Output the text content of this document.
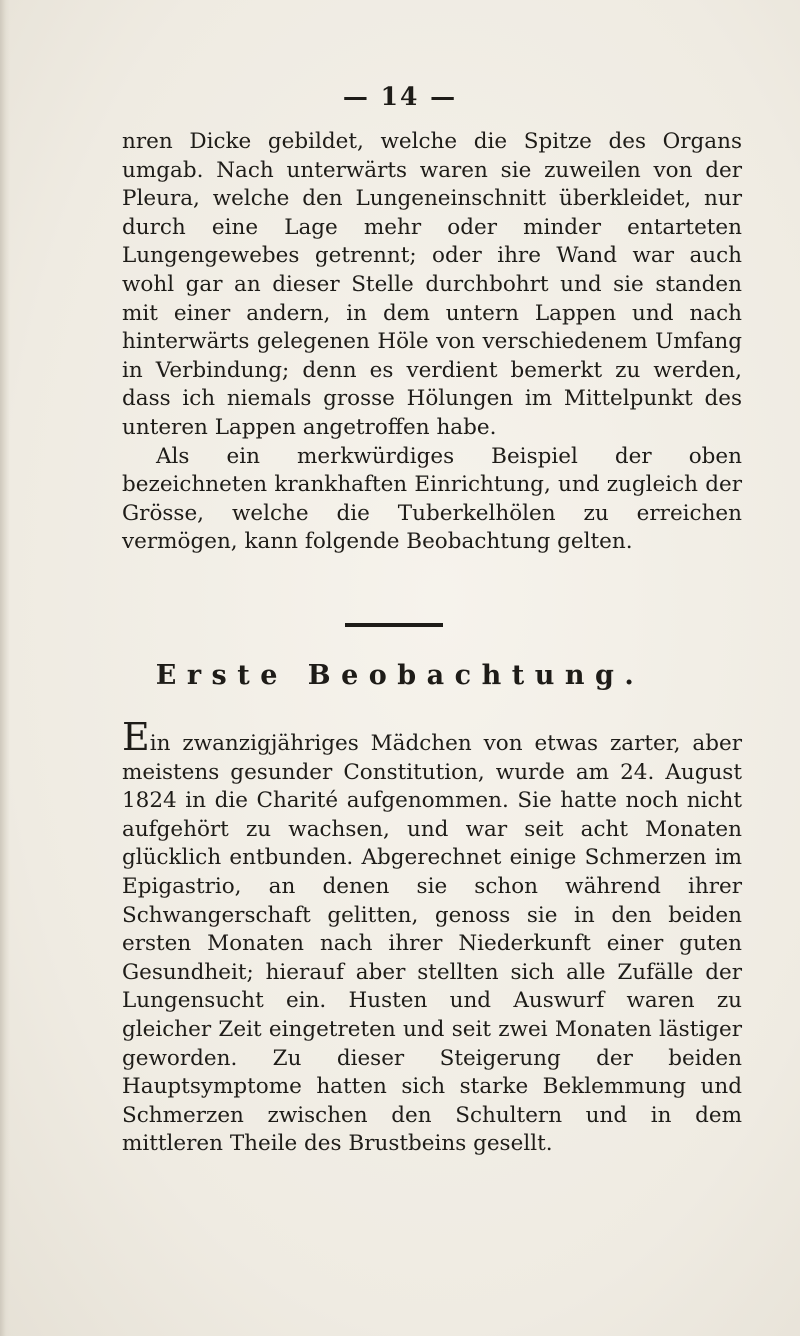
— 14 —

nren Dicke gebildet, welche die Spitze des Organs umgab. Nach unterwärts waren sie zuweilen von der Pleura, welche den Lungeneinschnitt überkleidet, nur durch eine Lage mehr oder minder entarteten Lungengewebes getrennt; oder ihre Wand war auch wohl gar an dieser Stelle durchbohrt und sie standen mit einer andern, in dem untern Lappen und nach hinterwärts gelegenen Höle von verschiedenem Umfang in Verbindung; denn es verdient bemerkt zu werden, dass ich niemals grosse Hölungen im Mittelpunkt des unteren Lappen angetroffen habe.

Als ein merkwürdiges Beispiel der oben bezeichneten krankhaften Einrichtung, und zugleich der Grösse, welche die Tuberkelhölen zu erreichen vermögen, kann folgende Beobachtung gelten.

Erste Beobachtung.

Ein zwanzigjähriges Mädchen von etwas zarter, aber meistens gesunder Constitution, wurde am 24. August 1824 in die Charité aufgenommen. Sie hatte noch nicht aufgehört zu wachsen, und war seit acht Monaten glücklich entbunden. Abgerechnet einige Schmerzen im Epigastrio, an denen sie schon während ihrer Schwangerschaft gelitten, genoss sie in den beiden ersten Monaten nach ihrer Niederkunft einer guten Gesundheit; hierauf aber stellten sich alle Zufälle der Lungensucht ein. Husten und Auswurf waren zu gleicher Zeit eingetreten und seit zwei Monaten lästiger geworden. Zu dieser Steigerung der beiden Hauptsymptome hatten sich starke Beklemmung und Schmerzen zwischen den Schultern und in dem mittleren Theile des Brustbeins gesellt.
